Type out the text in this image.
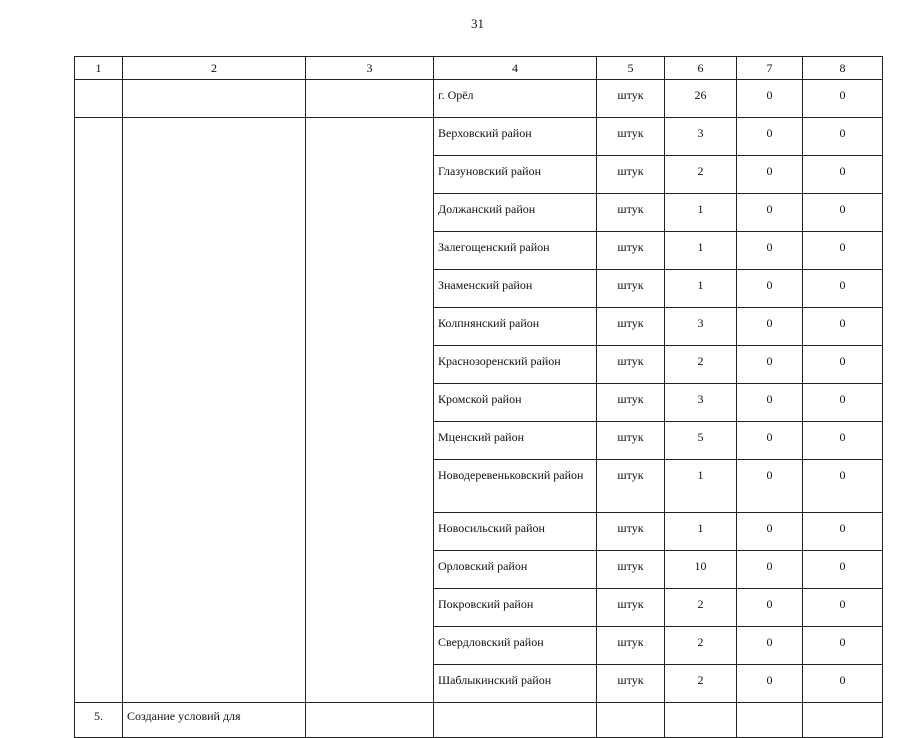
31
1	2	3	4	5	6	7	8
			г. Орёл	штук	26	0	0
			Верховский район	штук	3	0	0
			Глазуновский район	штук	2	0	0
			Должанский район	штук	1	0	0
			Залегощенский район	штук	1	0	0
			Знаменский район	штук	1	0	0
			Колпнянский район	штук	3	0	0
			Краснозоренский район	штук	2	0	0
			Кромской район	штук	3	0	0
			Мценский район	штук	5	0	0
			Новодеревеньковский район	штук	1	0	0
			Новосильский район	штук	1	0	0
			Орловский район	штук	10	0	0
			Покровский район	штук	2	0	0
			Свердловский район	штук	2	0	0
			Шаблыкинский район	штук	2	0	0
5.	Создание условий для						
